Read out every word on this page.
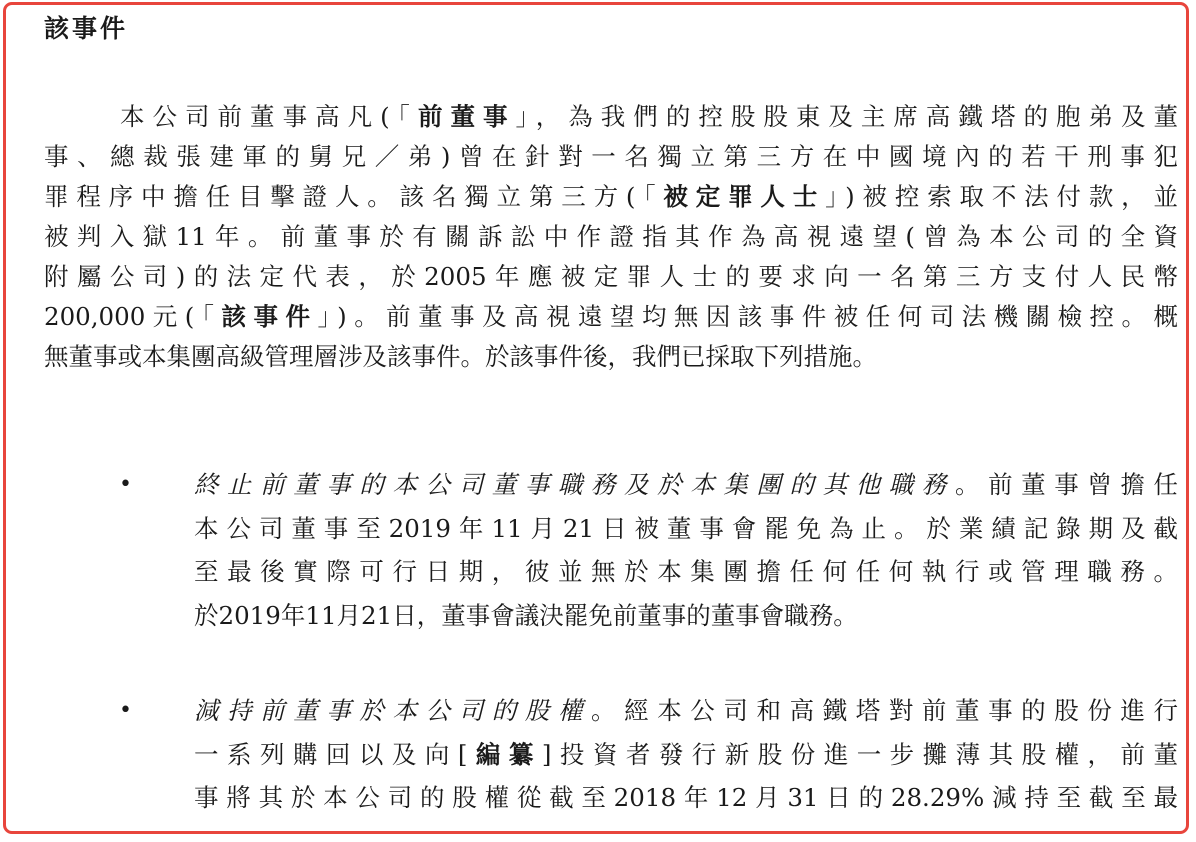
該事件
本公司前董事高凡(「前董事」，為我們的控股股東及主席高鐵塔的胞弟及董
事、總裁張建軍的舅兄／弟)曾在針對一名獨立第三方在中國境內的若干刑事犯
罪程序中擔任目擊證人。該名獨立第三方(「被定罪人士」)被控索取不法付款，並
被判入獄11年。前董事於有關訴訟中作證指其作為高視遠望(曾為本公司的全資
附屬公司)的法定代表，於2005年應被定罪人士的要求向一名第三方支付人民幣
200,000元(「該事件」)。前董事及高視遠望均無因該事件被任何司法機關檢控。概
無董事或本集團高級管理層涉及該事件。於該事件後，我們已採取下列措施。
•	終止前董事的本公司董事職務及於本集團的其他職務。前董事曾擔任
本公司董事至2019年11月21日被董事會罷免為止。於業績記錄期及截
至最後實際可行日期，彼並無於本集團擔任何任何執行或管理職務。
於2019年11月21日，董事會議決罷免前董事的董事會職務。
•	減持前董事於本公司的股權。經本公司和高鐵塔對前董事的股份進行
一系列購回以及向[編纂]投資者發行新股份進一步攤薄其股權，前董
事將其於本公司的股權從截至2018年12月31日的28.29%減持至截至最
